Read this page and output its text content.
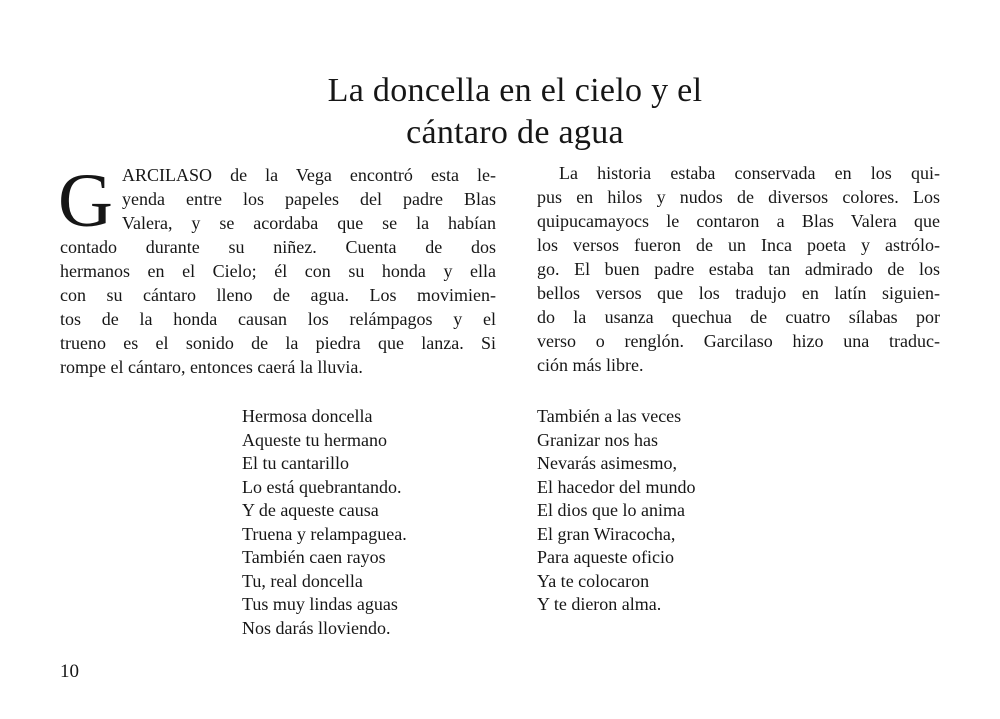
La doncella en el cielo y el
cántaro de agua
G ARCILASO de la Vega encontró esta le-
yenda entre los papeles del padre Blas
Valera, y se acordaba que se la habían
contado durante su niñez. Cuenta de dos
hermanos en el Cielo; él con su honda y ella
con su cántaro lleno de agua. Los movimien-
tos de la honda causan los relámpagos y el
trueno es el sonido de la piedra que lanza. Si
rompe el cántaro, entonces caerá la lluvia.
La historia estaba conservada en los qui-
pus en hilos y nudos de diversos colores. Los
quipucamayocs le contaron a Blas Valera que
los versos fueron de un Inca poeta y astrólo-
go. El buen padre estaba tan admirado de los
bellos versos que los tradujo en latín siguien-
do la usanza quechua de cuatro sílabas por
verso o renglón. Garcilaso hizo una traduc-
ción más libre.
Hermosa doncella
Aqueste tu hermano
El tu cantarillo
Lo está quebrantando.
Y de aqueste causa
Truena y relampaguea.
También caen rayos
Tu, real doncella
Tus muy lindas aguas
Nos darás lloviendo.
También a las veces
Granizar nos has
Nevarás asimesmo,
El hacedor del mundo
El dios que lo anima
El gran Wiracocha,
Para aqueste oficio
Ya te colocaron
Y te dieron alma.
10
